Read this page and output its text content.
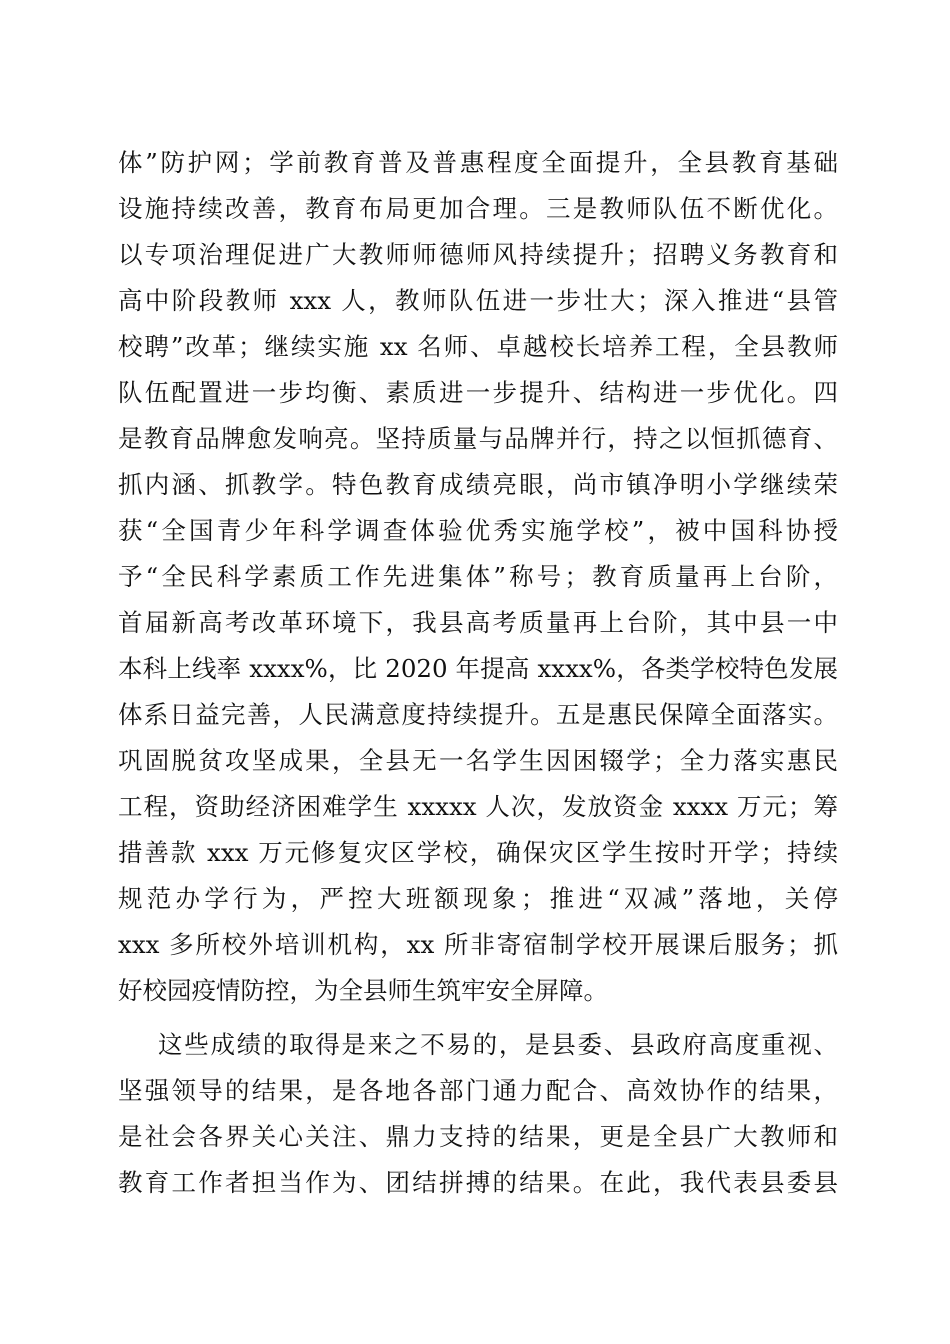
体”防护网；学前教育普及普惠程度全面提升，全县教育基础
设施持续改善，教育布局更加合理。三是教师队伍不断优化。
以专项治理促进广大教师师德师风持续提升；招聘义务教育和
高中阶段教师 xxx 人，教师队伍进一步壮大；深入推进“县管
校聘”改革；继续实施 xx 名师、卓越校长培养工程，全县教师
队伍配置进一步均衡、素质进一步提升、结构进一步优化。四
是教育品牌愈发响亮。坚持质量与品牌并行，持之以恒抓德育、
抓内涵、抓教学。特色教育成绩亮眼，尚市镇净明小学继续荣
获“全国青少年科学调查体验优秀实施学校”，被中国科协授
予“全民科学素质工作先进集体”称号；教育质量再上台阶，
首届新高考改革环境下，我县高考质量再上台阶，其中县一中
本科上线率 xxxx%，比 2020 年提高 xxxx%，各类学校特色发展
体系日益完善，人民满意度持续提升。五是惠民保障全面落实。
巩固脱贫攻坚成果，全县无一名学生因困辍学；全力落实惠民
工程，资助经济困难学生 xxxxx 人次，发放资金 xxxx 万元；筹
措善款 xxx 万元修复灾区学校，确保灾区学生按时开学；持续
规范办学行为，严控大班额现象；推进“双减”落地，关停
xxx 多所校外培训机构，xx 所非寄宿制学校开展课后服务；抓
好校园疫情防控，为全县师生筑牢安全屏障。
这些成绩的取得是来之不易的，是县委、县政府高度重视、
坚强领导的结果，是各地各部门通力配合、高效协作的结果，
是社会各界关心关注、鼎力支持的结果，更是全县广大教师和
教育工作者担当作为、团结拼搏的结果。在此，我代表县委县
